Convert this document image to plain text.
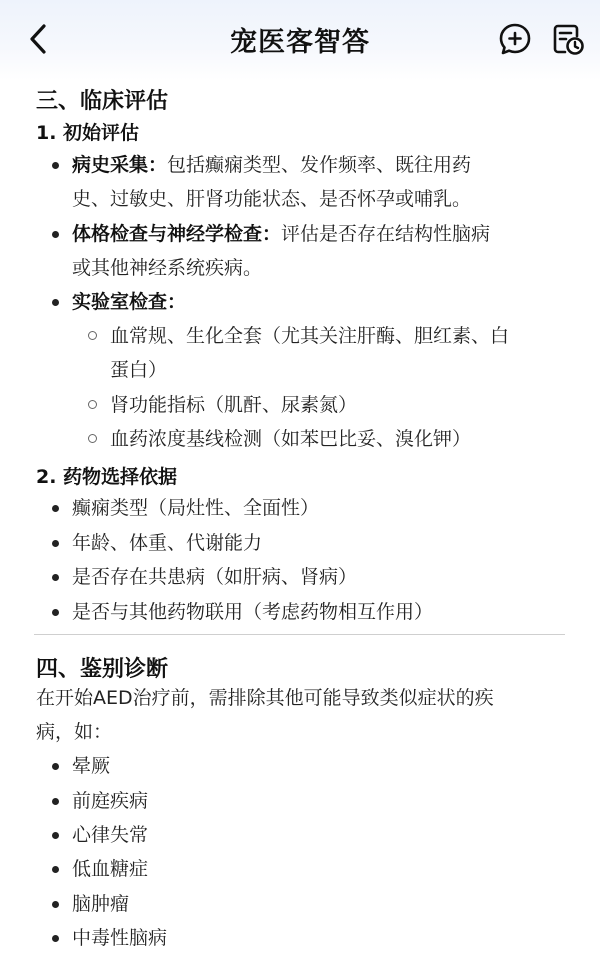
宠医客智答
三、临床评估
1. 初始评估
病史采集：包括癫痫类型、发作频率、既往用药
史、过敏史、肝肾功能状态、是否怀孕或哺乳。
体格检查与神经学检查：评估是否存在结构性脑病
或其他神经系统疾病。
实验室检查：
血常规、生化全套（尤其关注肝酶、胆红素、白
蛋白）
肾功能指标（肌酐、尿素氮）
血药浓度基线检测（如苯巴比妥、溴化钾）
2. 药物选择依据
癫痫类型（局灶性、全面性）
年龄、体重、代谢能力
是否存在共患病（如肝病、肾病）
是否与其他药物联用（考虑药物相互作用）
四、鉴别诊断
在开始AED治疗前，需排除其他可能导致类似症状的疾
病，如：
晕厥
前庭疾病
心律失常
低血糖症
脑肿瘤
中毒性脑病
